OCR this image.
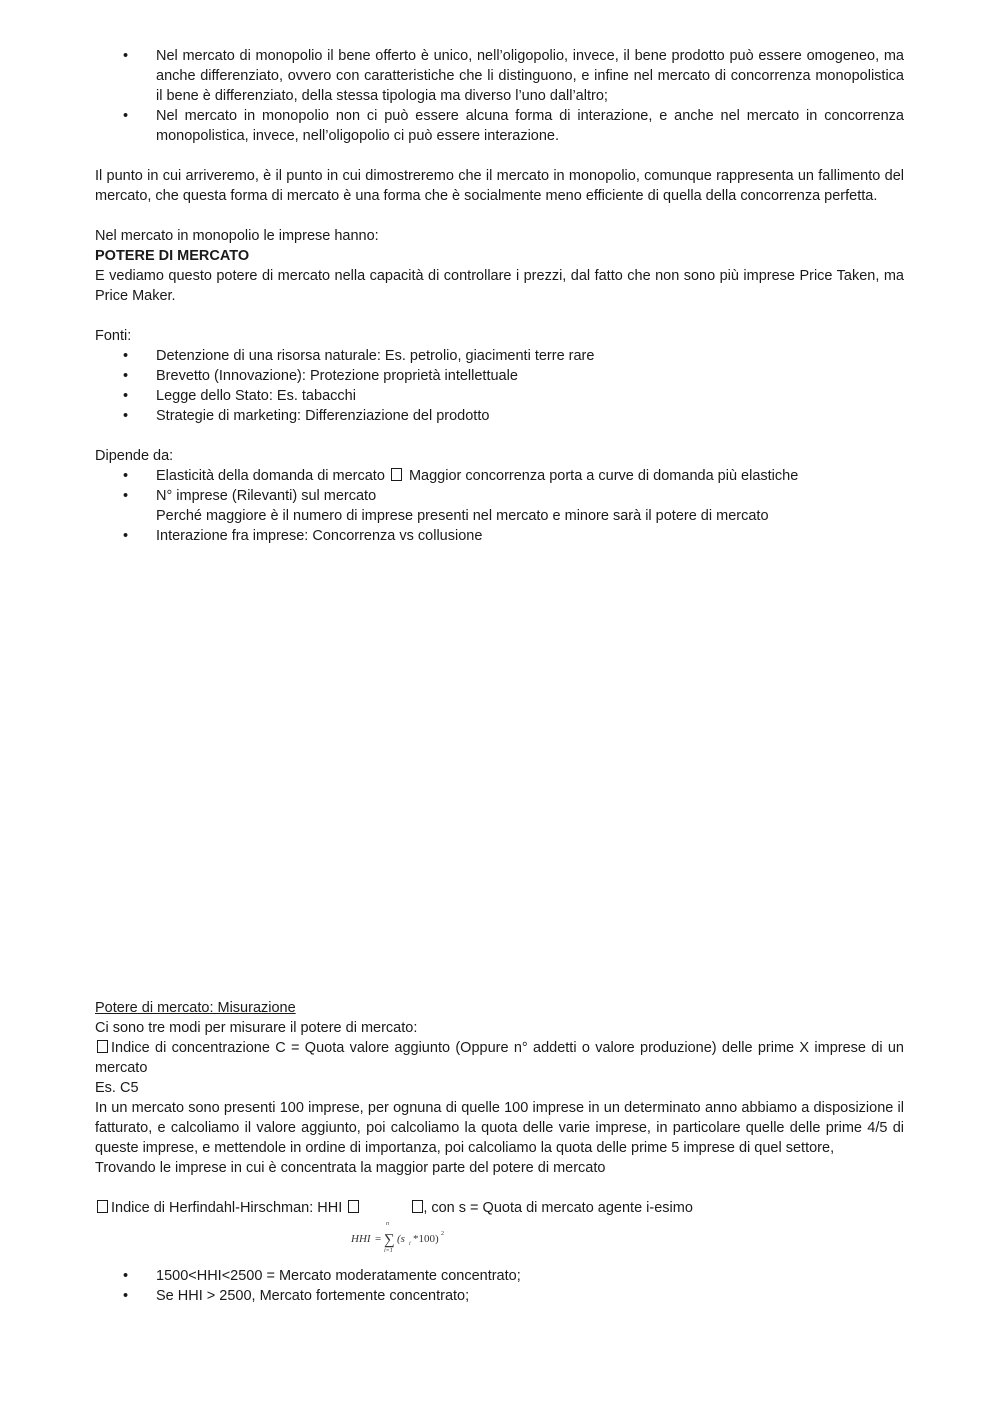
• Nel mercato di monopolio il bene offerto è unico, nell’oligopolio, invece, il bene prodotto può essere omogeneo, ma anche differenziato, ovvero con caratteristiche che li distinguono, e infine nel mercato di concorrenza monopolistica il bene è differenziato, della stessa tipologia ma diverso l’uno dall’altro;
• Nel mercato in monopolio non ci può essere alcuna forma di interazione, e anche nel mercato in concorrenza monopolistica, invece, nell’oligopolio ci può essere interazione.

Il punto in cui arriveremo, è il punto in cui dimostreremo che il mercato in monopolio, comunque rappresenta un fallimento del mercato, che questa forma di mercato è una forma che è socialmente meno efficiente di quella della concorrenza perfetta.

Nel mercato in monopolio le imprese hanno:

POTERE DI MERCATO

E vediamo questo potere di mercato nella capacità di controllare i prezzi, dal fatto che non sono più imprese Price Taken, ma Price Maker.

Fonti:

• Detenzione di una risorsa naturale: Es. petrolio, giacimenti terre rare
• Brevetto (Innovazione): Protezione proprietà intellettuale
• Legge dello Stato: Es. tabacchi
• Strategie di marketing: Differenziazione del prodotto

Dipende da:

• Elasticità della domanda di mercato Maggior concorrenza porta a curve di domanda più elastiche
• N° imprese (Rilevanti) sul mercato
Perché maggiore è il numero di imprese presenti nel mercato e minore sarà il potere di mercato
• Interazione fra imprese: Concorrenza vs collusione

Potere di mercato: Misurazione

Ci sono tre modi per misurare il potere di mercato:

Indice di concentrazione C = Quota valore aggiunto (Oppure n° addetti o valore produzione) delle prime X imprese di un mercato

Es. C5

In un mercato sono presenti 100 imprese, per ognuna di quelle 100 imprese in un determinato anno abbiamo a disposizione il fatturato, e calcoliamo il valore aggiunto, poi calcoliamo la quota delle varie imprese, in particolare quelle delle prime 4/5 di queste imprese, e mettendole in ordine di importanza, poi calcoliamo la quota delle prime 5 imprese di quel settore,

Trovando le imprese in cui è concentrata la maggior parte del potere di mercato

Indice di Herfindahl-Hirschman: HHI	, con s = Quota di mercato agente i-esimo

HHI =
n
∑
i=1
(s i *100) 2
• 1500<HHI<2500 = Mercato moderatamente concentrato;
• Se HHI > 2500, Mercato fortemente concentrato;
